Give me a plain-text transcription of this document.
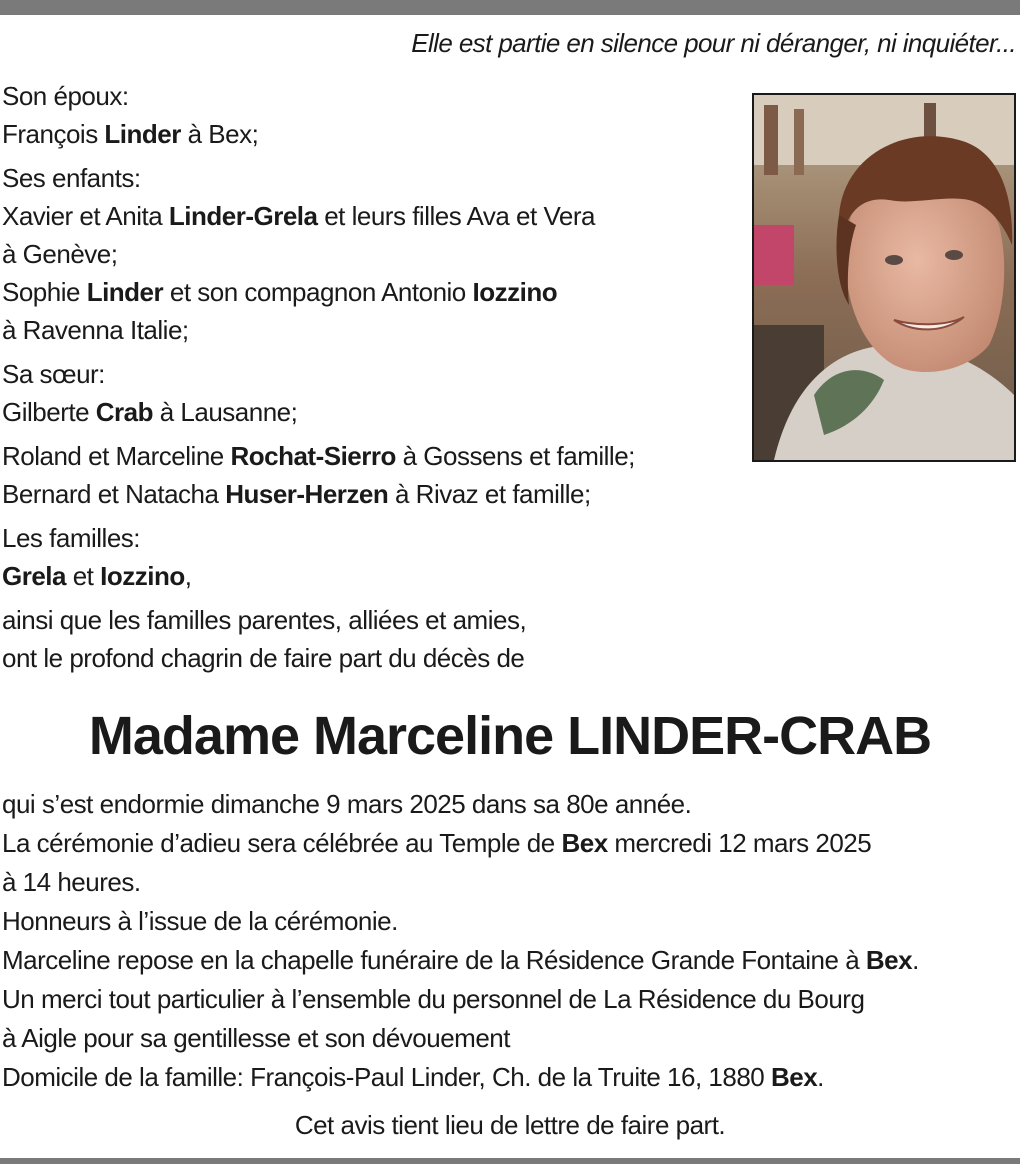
Elle est partie en silence pour ni déranger, ni inquiéter...
Son époux:
François Linder à Bex;
Ses enfants:
Xavier et Anita Linder-Grela et leurs filles Ava et Vera
à Genève;
Sophie Linder et son compagnon Antonio Iozzino
à Ravenna Italie;
Sa sœur:
Gilberte Crab à Lausanne;
Roland et Marceline Rochat-Sierro à Gossens et famille;
Bernard et Natacha Huser-Herzen à Rivaz et famille;
Les familles:
Grela et Iozzino,
ainsi que les familles parentes, alliées et amies,
ont le profond chagrin de faire part du décès de
Madame Marceline LINDER-CRAB
qui s’est endormie dimanche 9 mars 2025 dans sa 80e année.
La cérémonie d’adieu sera célébrée au Temple de Bex mercredi 12 mars 2025
à 14 heures.
Honneurs à l’issue de la cérémonie.
Marceline repose en la chapelle funéraire de la Résidence Grande Fontaine à Bex.
Un merci tout particulier à l’ensemble du personnel de La Résidence du Bourg
à Aigle pour sa gentillesse et son dévouement
Domicile de la famille: François-Paul Linder, Ch. de la Truite 16, 1880 Bex.
Cet avis tient lieu de lettre de faire part.
